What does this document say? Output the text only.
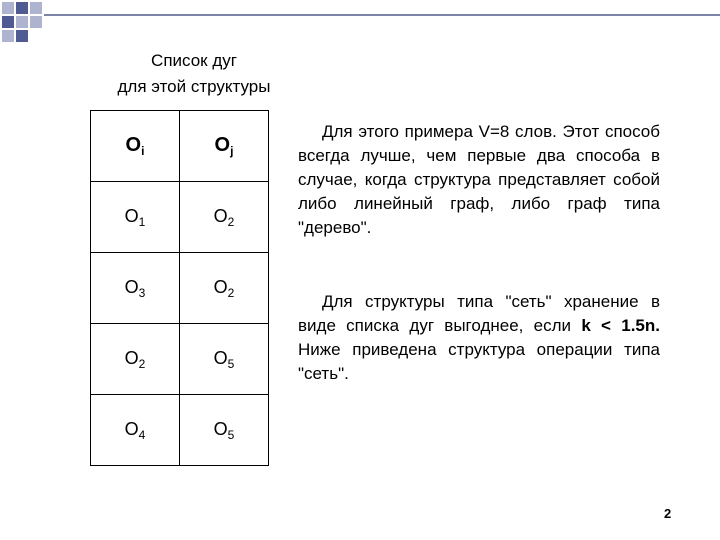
Список дуг
для этой структуры
$O_i$	$O_j$
$O_1$	$O_2$
$O_3$	$O_2$
$O_2$	$O_5$
$O_4$	$O_5$
Для этого примера V=8 слов. Этот способ всегда лучше, чем первые два способа в случае, когда структура представляет собой либо линейный граф, либо граф типа "дерево".
Для структуры типа "сеть" хранение в виде списка дуг выгоднее, если k < 1.5n. Ниже приведена структура операции типа "сеть".
2
